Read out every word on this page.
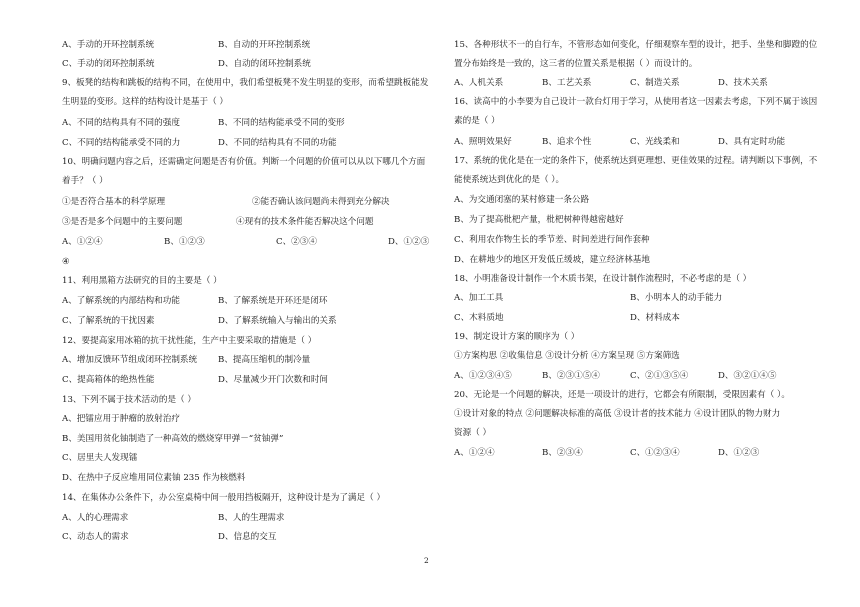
A、手动的开环控制系统	B、自动的开环控制系统
C、手动的闭环控制系统	D、自动的闭环控制系统
9、板凳的结构和跳板的结构不同，在使用中，我们希望板凳不发生明显的变形，而希望跳板能发
生明显的变形。这样的结构设计是基于（ ）
A、不同的结构具有不同的强度	B、不同的结构能承受不同的变形
C、不同的结构能承受不同的力	D、不同的结构具有不同的功能
10、明确问题内容之后，还需确定问题是否有价值。判断一个问题的价值可以从以下哪几个方面
着手？（ ）
①是否符合基本的科学原理	②能否确认该问题尚未得到充分解决
③是否是多个问题中的主要问题	④现有的技术条件能否解决这个问题
A、①②④	B、①②③	C、②③④	D、①②③
④
11、利用黑箱方法研究的目的主要是（ ）
A、了解系统的内部结构和功能	B、了解系统是开环还是闭环
C、了解系统的干扰因素	D、了解系统输入与输出的关系
12、要提高家用冰箱的抗干扰性能，生产中主要采取的措施是（ ）
A、增加反馈环节组成闭环控制系统 B、提高压缩机的制冷量
C、提高箱体的绝热性能	D、尽量减少开门次数和时间
13、下列不属于技术活动的是（ ）
A、把镭应用于肿瘤的放射治疗
B、美国用贫化铀制造了一种高效的燃烧穿甲弹－“贫铀弹”
C、居里夫人发现镭
D、在热中子反应堆用同位素铀 235 作为核燃料
14、在集体办公条件下，办公室桌椅中间一般用挡板隔开，这种设计是为了满足（ ）
A、人的心理需求	B、人的生理需求
C、动态人的需求	D、信息的交互
15、各种形状不一的自行车，不管形态如何变化，仔细观察车型的设计，把手、坐垫和脚蹬的位
置分布始终是一致的，这三者的位置关系是根据（ ）而设计的。
A、人机关系	B、工艺关系	C、制造关系	D、技术关系
16、读高中的小李要为自己设计一款台灯用于学习，从使用者这一因素去考虑，下列不属于该因
素的是（ ）
A、照明效果好	B、追求个性	C、光线柔和	D、具有定时功能
17、系统的优化是在一定的条件下，使系统达到更理想、更佳效果的过程。请判断以下事例，不
能使系统达到优化的是（ ）。
A、为交通闭塞的某村修建一条公路
B、为了提高枇杷产量，枇杷树种得越密越好
C、利用农作物生长的季节差、时间差进行间作套种
D、在耕地少的地区开发低丘缓坡，建立经济林基地
18、小明准备设计制作一个木质书架，在设计制作流程时，不必考虑的是（ ）
A、加工工具	B、小明本人的动手能力
C、木料质地	D、材料成本
19、制定设计方案的顺序为（ ）
①方案构思 ②收集信息 ③设计分析 ④方案呈现 ⑤方案筛选
A、①②③④⑤	B、②③①⑤④	C、②①③⑤④	D、③②①④⑤
20、无论是一个问题的解决，还是一项设计的进行，它都会有所限制，受限因素有（ ）。
①设计对象的特点 ②问题解决标准的高低 ③设计者的技术能力 ④设计团队的物力财力
资源（ ）
A、①②④	B、②③④	C、①②③④	D、①②③
2
